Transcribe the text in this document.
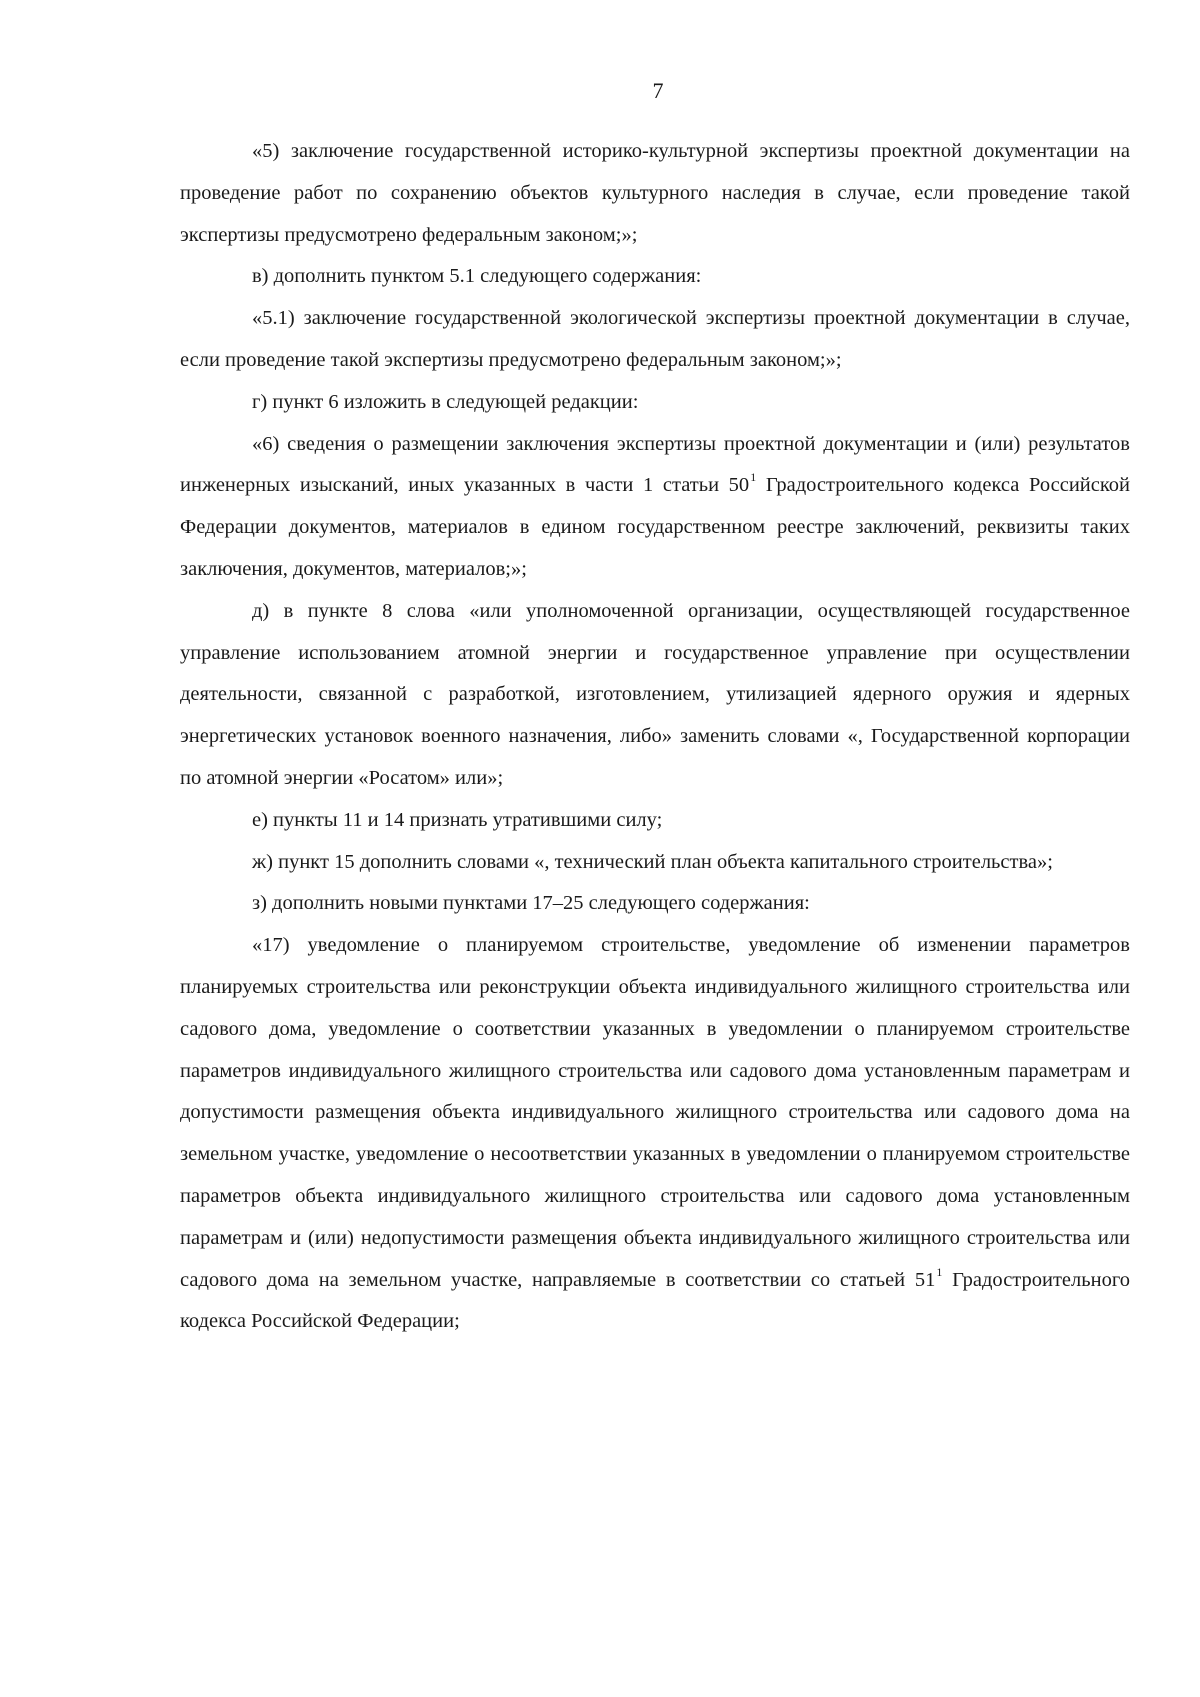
7

«5) заключение государственной историко-культурной экспертизы проектной документации на проведение работ по сохранению объектов культурного наследия в случае, если проведение такой экспертизы предусмотрено федеральным законом;»;

в) дополнить пунктом 5.1 следующего содержания:

«5.1) заключение государственной экологической экспертизы проектной документации в случае, если проведение такой экспертизы предусмотрено федеральным законом;»;

г) пункт 6 изложить в следующей редакции:

«6) сведения о размещении заключения экспертизы проектной документации и (или) результатов инженерных изысканий, иных указанных в части 1 статьи $50^1$ Градостроительного кодекса Российской Федерации документов, материалов в едином государственном реестре заключений, реквизиты таких заключения, документов, материалов;»;

д) в пункте 8 слова «или уполномоченной организации, осуществляющей государственное управление использованием атомной энергии и государственное управление при осуществлении деятельности, связанной с разработкой, изготовлением, утилизацией ядерного оружия и ядерных энергетических установок военного назначения, либо» заменить словами «, Государственной корпорации по атомной энергии «Росатом» или»;

е) пункты 11 и 14 признать утратившими силу;

ж) пункт 15 дополнить словами «, технический план объекта капитального строительства»;

з) дополнить новыми пунктами 17–25 следующего содержания:

«17) уведомление о планируемом строительстве, уведомление об изменении параметров планируемых строительства или реконструкции объекта индивидуального жилищного строительства или садового дома, уведомление о соответствии указанных в уведомлении о планируемом строительстве параметров индивидуального жилищного строительства или садового дома установленным параметрам и допустимости размещения объекта индивидуального жилищного строительства или садового дома на земельном участке, уведомление о несоответствии указанных в уведомлении о планируемом строительстве параметров объекта индивидуального жилищного строительства или садового дома установленным параметрам и (или) недопустимости размещения объекта индивидуального жилищного строительства или садового дома на земельном участке, направляемые в соответствии со статьей $51^1$ Градостроительного кодекса Российской Федерации;
